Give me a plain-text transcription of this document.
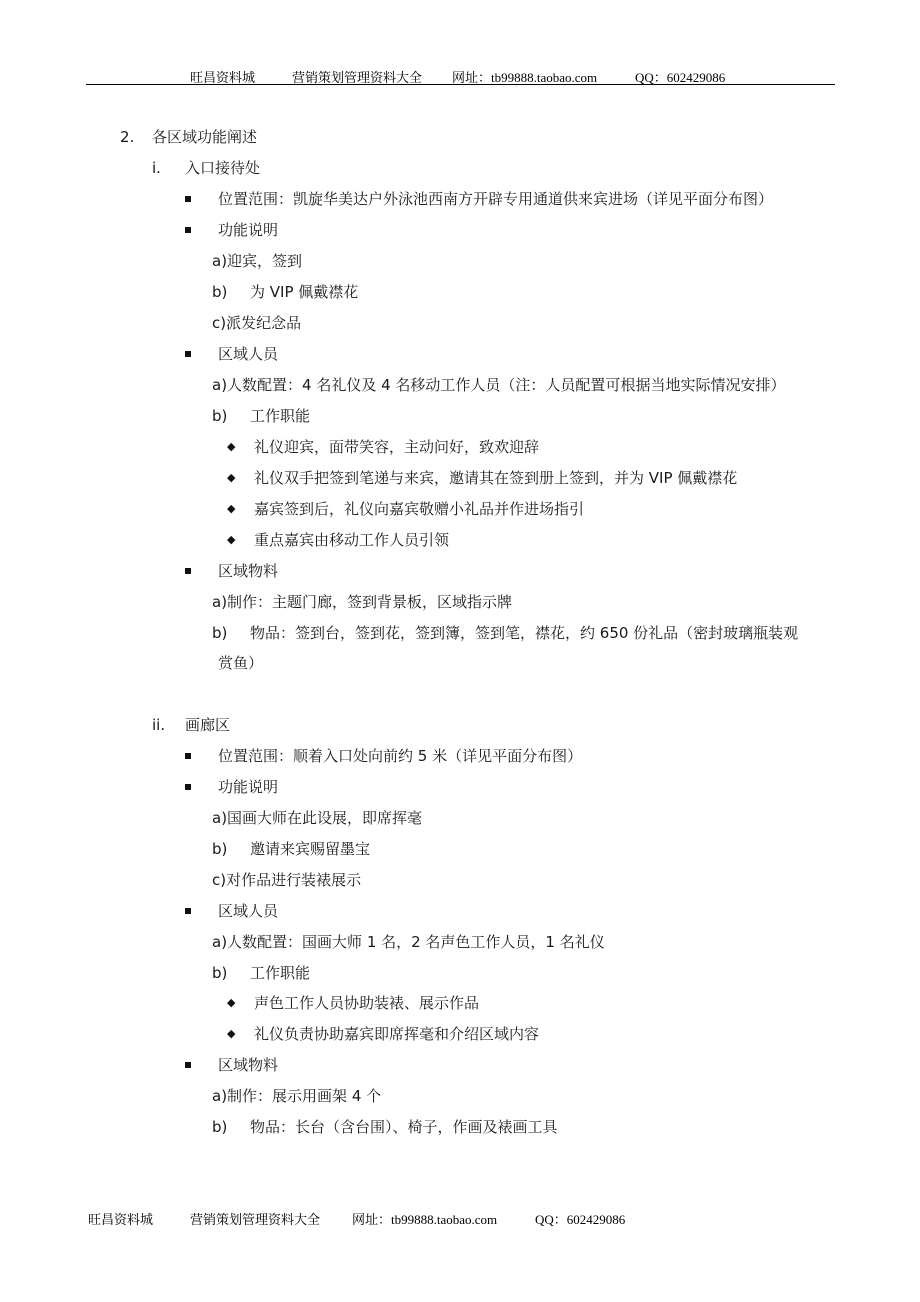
旺昌资料城	营销策划管理资料大全 网址：tb99888.taobao.com	QQ：602429086
2. 各区域功能阐述
i. 入口接待处
位置范围：凯旋华美达户外泳池西南方开辟专用通道供来宾进场（详见平面分布图）
功能说明
a)迎宾，签到
b) 为 VIP 佩戴襟花
c)派发纪念品
区域人员
a)人数配置：4 名礼仪及 4 名移动工作人员（注：人员配置可根据当地实际情况安排）
b) 工作职能
◆ 礼仪迎宾，面带笑容，主动问好，致欢迎辞
◆ 礼仪双手把签到笔递与来宾，邀请其在签到册上签到，并为 VIP 佩戴襟花
◆ 嘉宾签到后，礼仪向嘉宾敬赠小礼品并作进场指引
◆ 重点嘉宾由移动工作人员引领
区域物料
a)制作：主题门廊，签到背景板，区域指示牌
b) 物品：签到台，签到花，签到簿，签到笔，襟花，约 650 份礼品（密封玻璃瓶装观
赏鱼）
ii. 画廊区
位置范围：顺着入口处向前约 5 米（详见平面分布图）
功能说明
a)国画大师在此设展，即席挥毫
b) 邀请来宾赐留墨宝
c)对作品进行装裱展示
区域人员
a)人数配置：国画大师 1 名，2 名声色工作人员，1 名礼仪
b) 工作职能
◆ 声色工作人员协助装裱、展示作品
◆ 礼仪负责协助嘉宾即席挥毫和介绍区域内容
区域物料
a)制作：展示用画架 4 个
b) 物品：长台（含台围）、椅子，作画及裱画工具
旺昌资料城	营销策划管理资料大全 网址：tb99888.taobao.com	QQ：602429086
